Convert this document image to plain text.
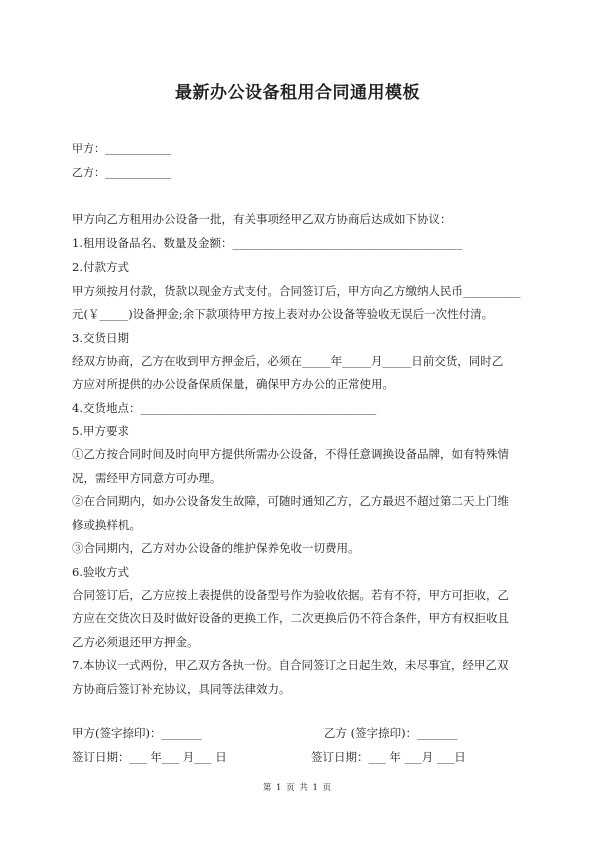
最新办公设备租用合同通用模板
甲方：____________
乙方：____________
甲方向乙方租用办公设备一批，有关事项经甲乙双方协商后达成如下协议：
1.租用设备品名、数量及金额：________________________________________
2.付款方式
甲方须按月付款，货款以现金方式支付。合同签订后，甲方向乙方缴纳人民币__________
元(￥_____)设备押金;余下款项待甲方按上表对办公设备等验收无误后一次性付清。
3.交货日期
经双方协商，乙方在收到甲方押金后，必须在_____年_____月_____日前交货，同时乙
方应对所提供的办公设备保质保量，确保甲方办公的正常使用。
4.交货地点：_________________________________________
5.甲方要求
①乙方按合同时间及时向甲方提供所需办公设备，不得任意调换设备品牌，如有特殊情
况，需经甲方同意方可办理。
②在合同期内，如办公设备发生故障，可随时通知乙方，乙方最迟不超过第二天上门维
修或换样机。
③合同期内，乙方对办公设备的维护保养免收一切费用。
6.验收方式
合同签订后，乙方应按上表提供的设备型号作为验收依据。若有不符，甲方可拒收，乙
方应在交货次日及时做好设备的更换工作，二次更换后仍不符合条件，甲方有权拒收且
乙方必须退还甲方押金。
7.本协议一式两份，甲乙双方各执一份。自合同签订之日起生效，未尽事宜，经甲乙双
方协商后签订补充协议，具同等法律效力。
甲方(签字捺印)：_______	乙方 (签字捺印)：_______
签订日期：___ 年___ 月___ 日	签订日期：___ 年 ___月 ___日
第 1 页 共 1 页
